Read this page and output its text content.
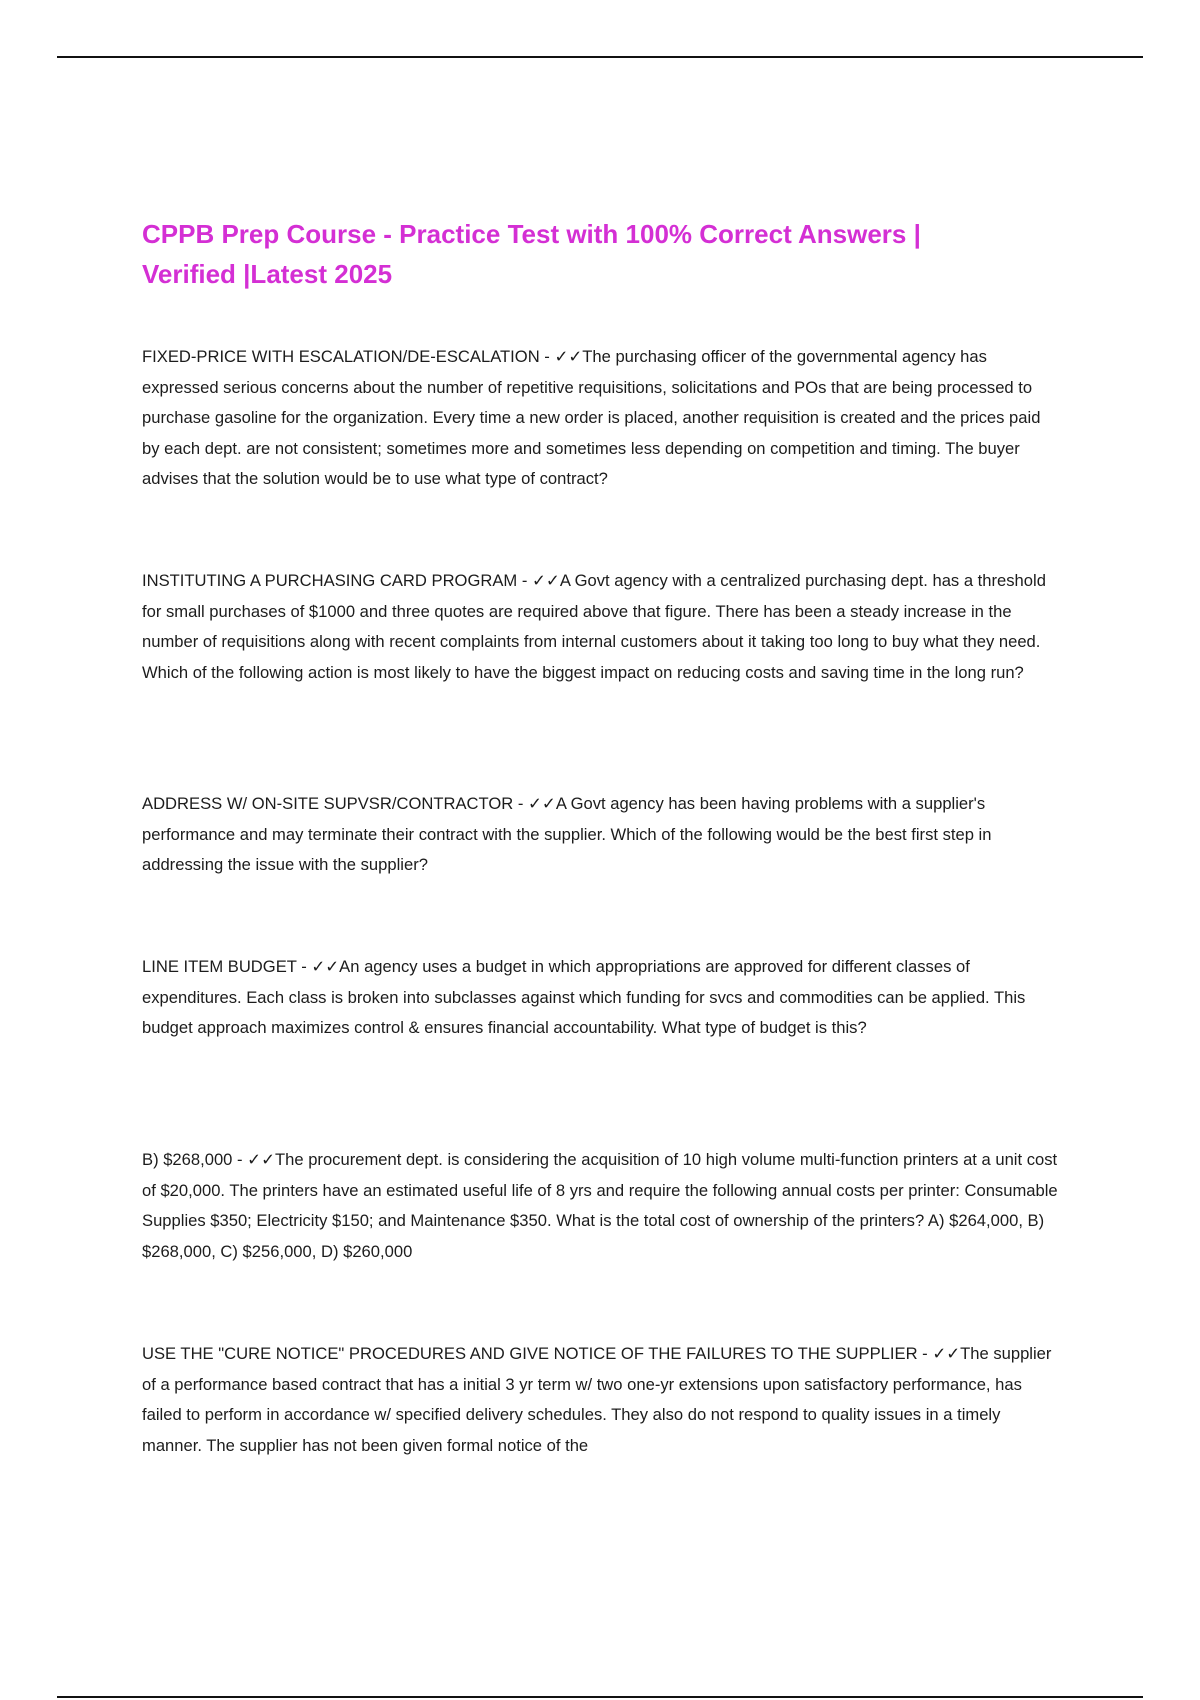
CPPB Prep Course - Practice Test with 100% Correct Answers | Verified |Latest 2025

FIXED-PRICE WITH ESCALATION/DE-ESCALATION - ✓✓The purchasing officer of the governmental agency has expressed serious concerns about the number of repetitive requisitions, solicitations and POs that are being processed to purchase gasoline for the organization. Every time a new order is placed, another requisition is created and the prices paid by each dept. are not consistent; sometimes more and sometimes less depending on competition and timing. The buyer advises that the solution would be to use what type of contract?

INSTITUTING A PURCHASING CARD PROGRAM - ✓✓A Govt agency with a centralized purchasing dept. has a threshold for small purchases of $1000 and three quotes are required above that figure. There has been a steady increase in the number of requisitions along with recent complaints from internal customers about it taking too long to buy what they need. Which of the following action is most likely to have the biggest impact on reducing costs and saving time in the long run?

ADDRESS W/ ON-SITE SUPVSR/CONTRACTOR - ✓✓A Govt agency has been having problems with a supplier's performance and may terminate their contract with the supplier. Which of the following would be the best first step in addressing the issue with the supplier?

LINE ITEM BUDGET - ✓✓An agency uses a budget in which appropriations are approved for different classes of expenditures. Each class is broken into subclasses against which funding for svcs and commodities can be applied. This budget approach maximizes control & ensures financial accountability. What type of budget is this?

B) $268,000 - ✓✓The procurement dept. is considering the acquisition of 10 high volume multi-function printers at a unit cost of $20,000. The printers have an estimated useful life of 8 yrs and require the following annual costs per printer: Consumable Supplies $350; Electricity $150; and Maintenance $350. What is the total cost of ownership of the printers? A) $264,000, B) $268,000, C) $256,000, D) $260,000

USE THE "CURE NOTICE" PROCEDURES AND GIVE NOTICE OF THE FAILURES TO THE SUPPLIER - ✓✓The supplier of a performance based contract that has a initial 3 yr term w/ two one-yr extensions upon satisfactory performance, has failed to perform in accordance w/ specified delivery schedules. They also do not respond to quality issues in a timely manner. The supplier has not been given formal notice of the
